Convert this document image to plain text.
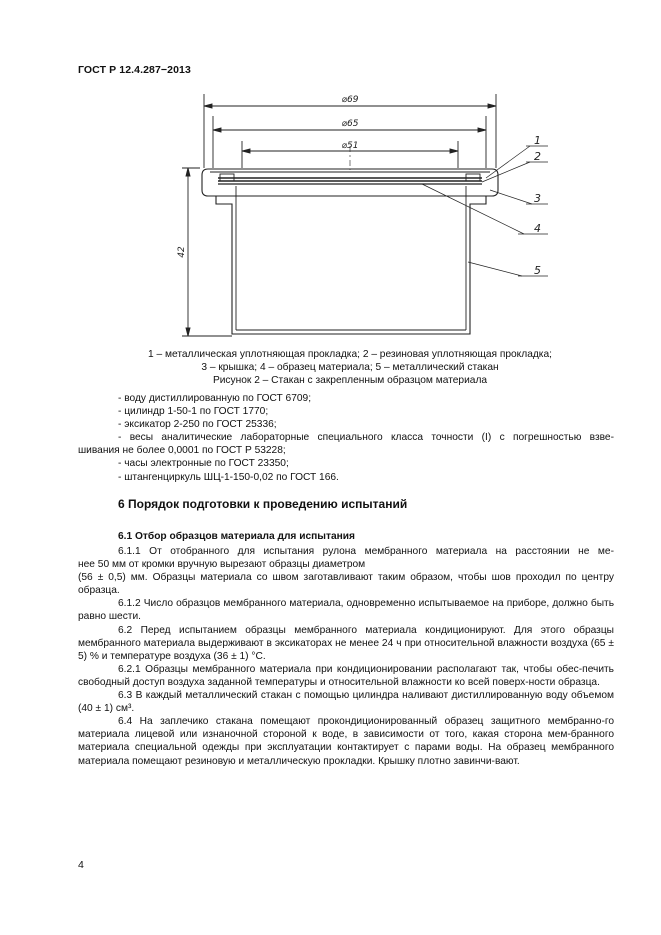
ГОСТ Р 12.4.287−2013
⌀69
⌀65
⌀51
42
1
2
3
4
5
1 – металлическая уплотняющая прокладка; 2 – резиновая уплотняющая прокладка;
3 – крышка; 4 – образец материала; 5 – металлический стакан
Рисунок 2 – Стакан с закрепленным образцом материала
- воду дистиллированную по ГОСТ 6709;
- цилиндр 1-50-1 по ГОСТ 1770;
- эксикатор 2-250 по ГОСТ 25336;
- весы аналитические лабораторные специального класса точности (I) с погрешностью взве-
шивания не более 0,0001 по ГОСТ Р 53228;
- часы электронные по ГОСТ 23350;
- штангенциркуль ШЦ-1-150-0,02 по ГОСТ 166.
6 Порядок подготовки к проведению испытаний
6.1 Отбор образцов материала для испытания
6.1.1 От отобранного для испытания рулона мембранного материала на расстоянии не ме-
нее 50 мм от кромки вручную вырезают образцы диаметром
(56 ± 0,5) мм. Образцы материала со швом заготавливают таким образом, чтобы шов проходил по центру образца.
6.1.2 Число образцов мембранного материала, одновременно испытываемое на приборе, должно быть равно шести.
6.2 Перед испытанием образцы мембранного материала кондиционируют. Для этого образцы мембранного материала выдерживают в эксикаторах не менее 24 ч при относительной влажности воздуха (65 ± 5) % и температуре воздуха (36 ± 1) °С.
6.2.1 Образцы мембранного материала при кондиционировании располагают так, чтобы обес-печить свободный доступ воздуха заданной температуры и относительной влажности ко всей поверх-ности образца.
6.3 В каждый металлический стакан с помощью цилиндра наливают дистиллированную воду объемом (40 ± 1) см³.
6.4 На заплечико стакана помещают прокондиционированный образец защитного мембранно-го материала лицевой или изнаночной стороной к воде, в зависимости от того, какая сторона мем-бранного материала специальной одежды при эксплуатации контактирует с парами воды. На образец мембранного материала помещают резиновую и металлическую прокладки. Крышку плотно завинчи-вают.
4
